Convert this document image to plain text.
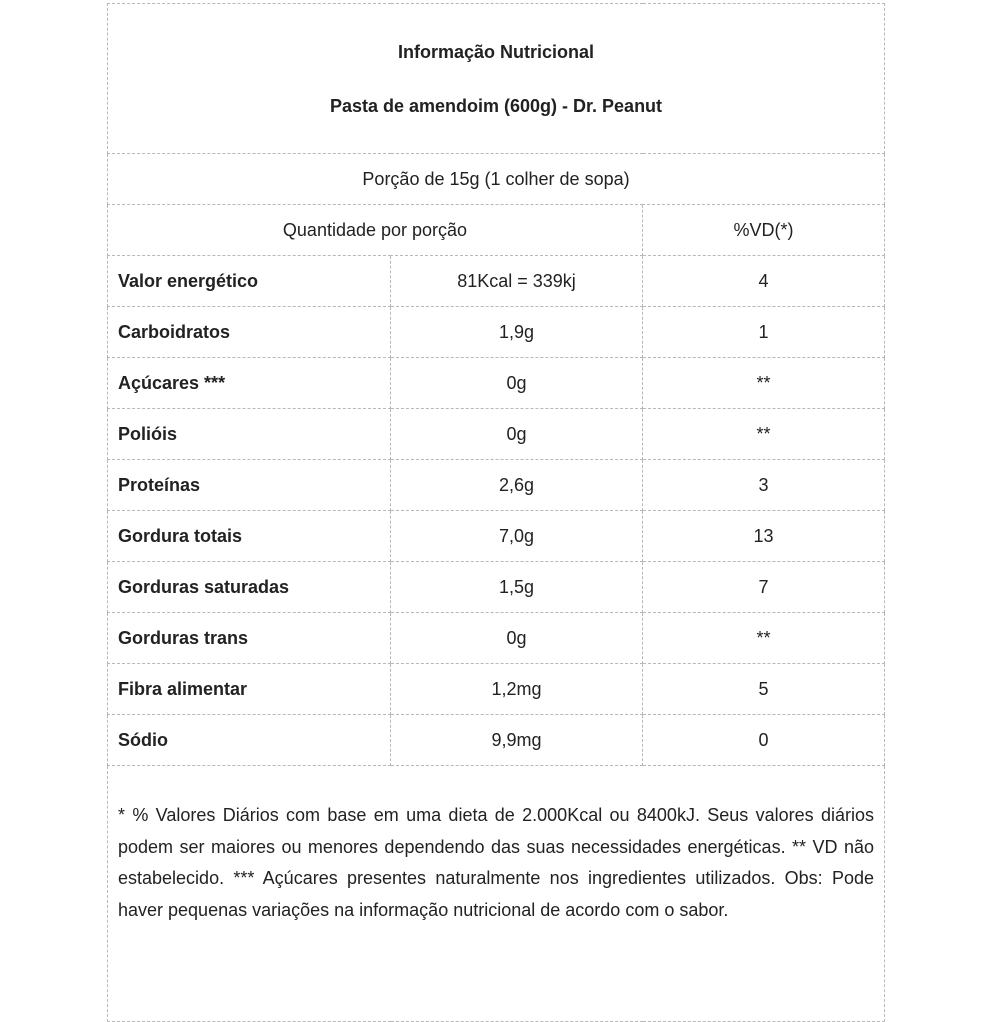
Informação Nutricional
Pasta de amendoim (600g) - Dr. Peanut		

Porção de 15g (1 colher de sopa)		
Quantidade por porção		%VD(*)
Valor energético	81Kcal = 339kj	4
Carboidratos	1,9g	1
Açúcares ***	0g	**
Polióis	0g	**
Proteínas	2,6g	3
Gordura totais	7,0g	13
Gorduras saturadas	1,5g	7
Gorduras trans	0g	**
Fibra alimentar	1,2mg	5
Sódio	9,9mg	0
* % Valores Diários com base em uma dieta de 2.000Kcal ou 8400kJ. Seus valores diários podem ser maiores ou menores dependendo das suas necessidades energéticas. ** VD não estabelecido. *** Açúcares presentes naturalmente nos ingredientes utilizados. Obs: Pode haver pequenas variações na informação nutricional de acordo com o sabor.		
